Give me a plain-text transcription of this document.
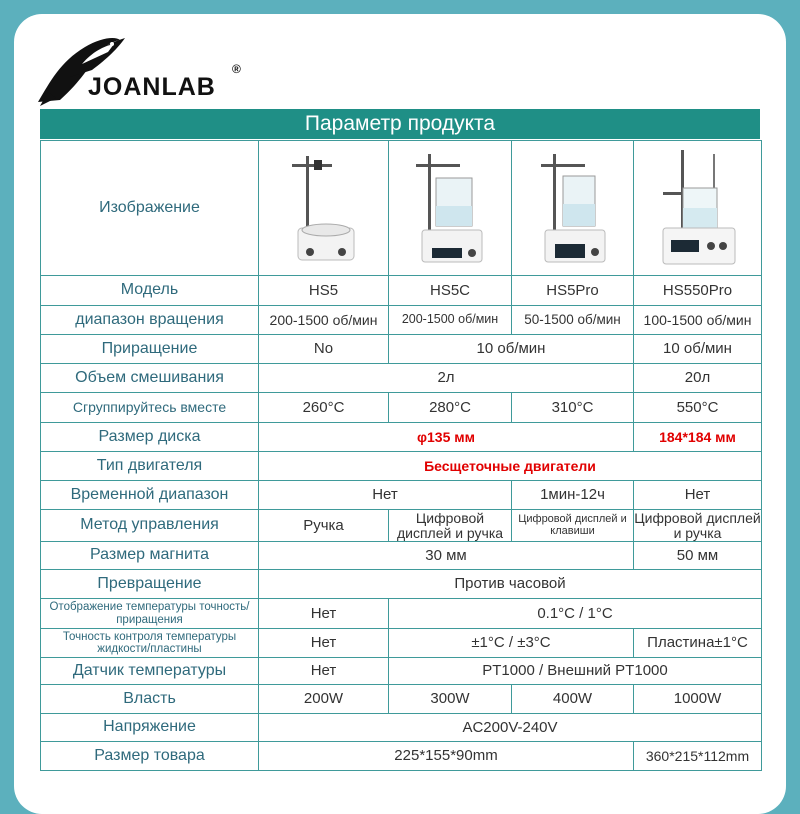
JOANLAB
®
Параметр продукта
Изображение	

Модель	HS5	HS5C	HS5Pro	HS550Pro
диапазон вращения	200-1500 об/мин	200-1500 об/мин	50-1500 об/мин	100-1500 об/мин
Приращение	No	10 об/мин		10 об/мин
Объем смешивания	2л			20л
Сгруппируйтесь вместе	260°C	280°C	310°C	550°C
Размер диска	φ135 мм			184*184 мм
Тип двигателя	Бесщеточные двигатели			
Временной диапазон	Нет		1мин-12ч	Нет
Метод управления	Ручка	Цифровой дисплей и ручка	Цифровой дисплей и клавиши	Цифровой дисплей и ручка
Размер магнита	30 мм			50 мм
Превращение	Против часовой			
Отображение температуры точность/приращения	Нет	0.1°C / 1°C		
Точность контроля температуры жидкости/пластины	Нет	±1°C / ±3°C		Пластина±1°C
Датчик температуры	Нет	PT1000 / Внешний PT1000		
Власть	200W	300W	400W	1000W
Напряжение	AC200V-240V			
Размер товара	225*155*90mm			360*215*112mm
